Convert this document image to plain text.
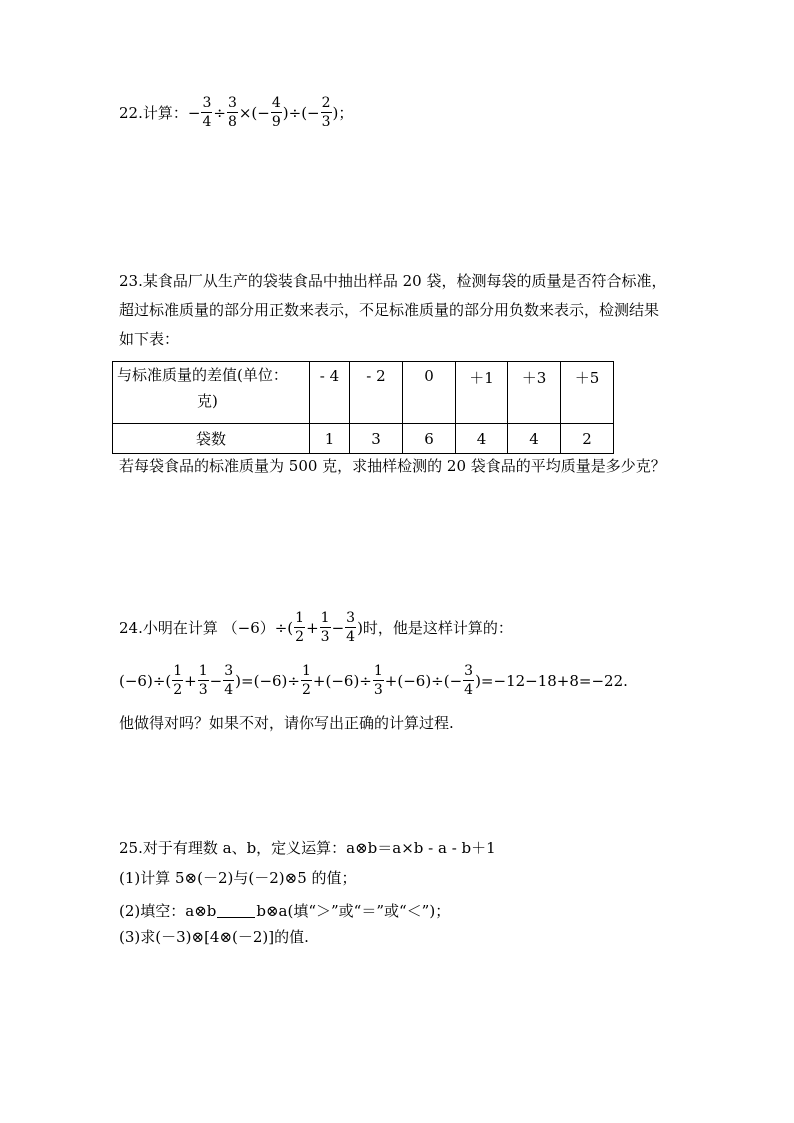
22.计算： − $\frac{3}{4} \div \frac{3}{8}$ ×(− $\frac{4}{9}$ )÷(− $\frac{2}{3}$ )；
23.某食品厂从生产的袋装食品中抽出样品 20 袋，检测每袋的质量是否符合标准，
超过标准质量的部分用正数来表示，不足标准质量的部分用负数来表示，检测结果
如下表：
与标准质量的差值(单位：
克)	- 4	- 2	0	＋1	＋3	＋5
袋数	1	3	6	4	4	2
若每袋食品的标准质量为 500 克，求抽样检测的 20 袋食品的平均质量是多少克？
24.小明在计算 $(-6)\div( \frac{1}{2} + \frac{1}{3} - \frac{3}{4}$ )时，他是这样计算的：
$(-6)\div( \frac{1}{2} + \frac{1}{3} - \frac{3}{4} )=(-6)\div \frac{1}{2} +(-6)\div \frac{1}{3} +(-6)\div(- \frac{3}{4} )=-12-18+8=-22$.
他做得对吗？如果不对，请你写出正确的计算过程.
25.对于有理数 a、b，定义运算：a⊗b＝a×b - a - b＋1
(1)计算 5⊗(－2)与(－2)⊗5 的值；
(2)填空：a⊗b	b⊗a(填“＞”或“＝”或“＜”)；
(3)求(－3)⊗[4⊗(－2)]的值.
